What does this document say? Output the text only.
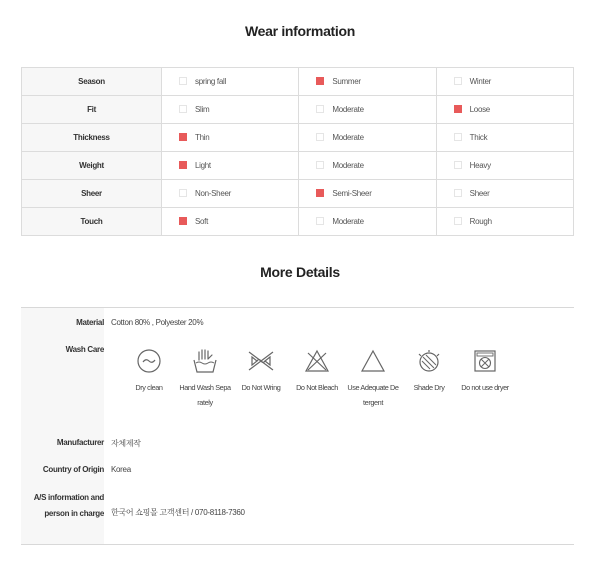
Wear information
Season	spring fall	Summer	Winter
Fit	Slim	Moderate	Loose
Thickness	Thin	Moderate	Thick
Weight	Light	Moderate	Heavy
Sheer	Non-Sheer	Semi-Sheer	Sheer
Touch	Soft	Moderate	Rough
More Details
Material Cotton 80% , Polyester 20%
Wash Care
Dry clean	Hand Wash Sepa rately
Do Not Wring	Do Not Bleach	Use Adequate De tergent
Shade Dry	Do not use dryer
Manufacturer 자체제작
Country of Origin Korea
A/S information and person in charge 한국어 쇼핑몰 고객센터 / 070-8118-7360
